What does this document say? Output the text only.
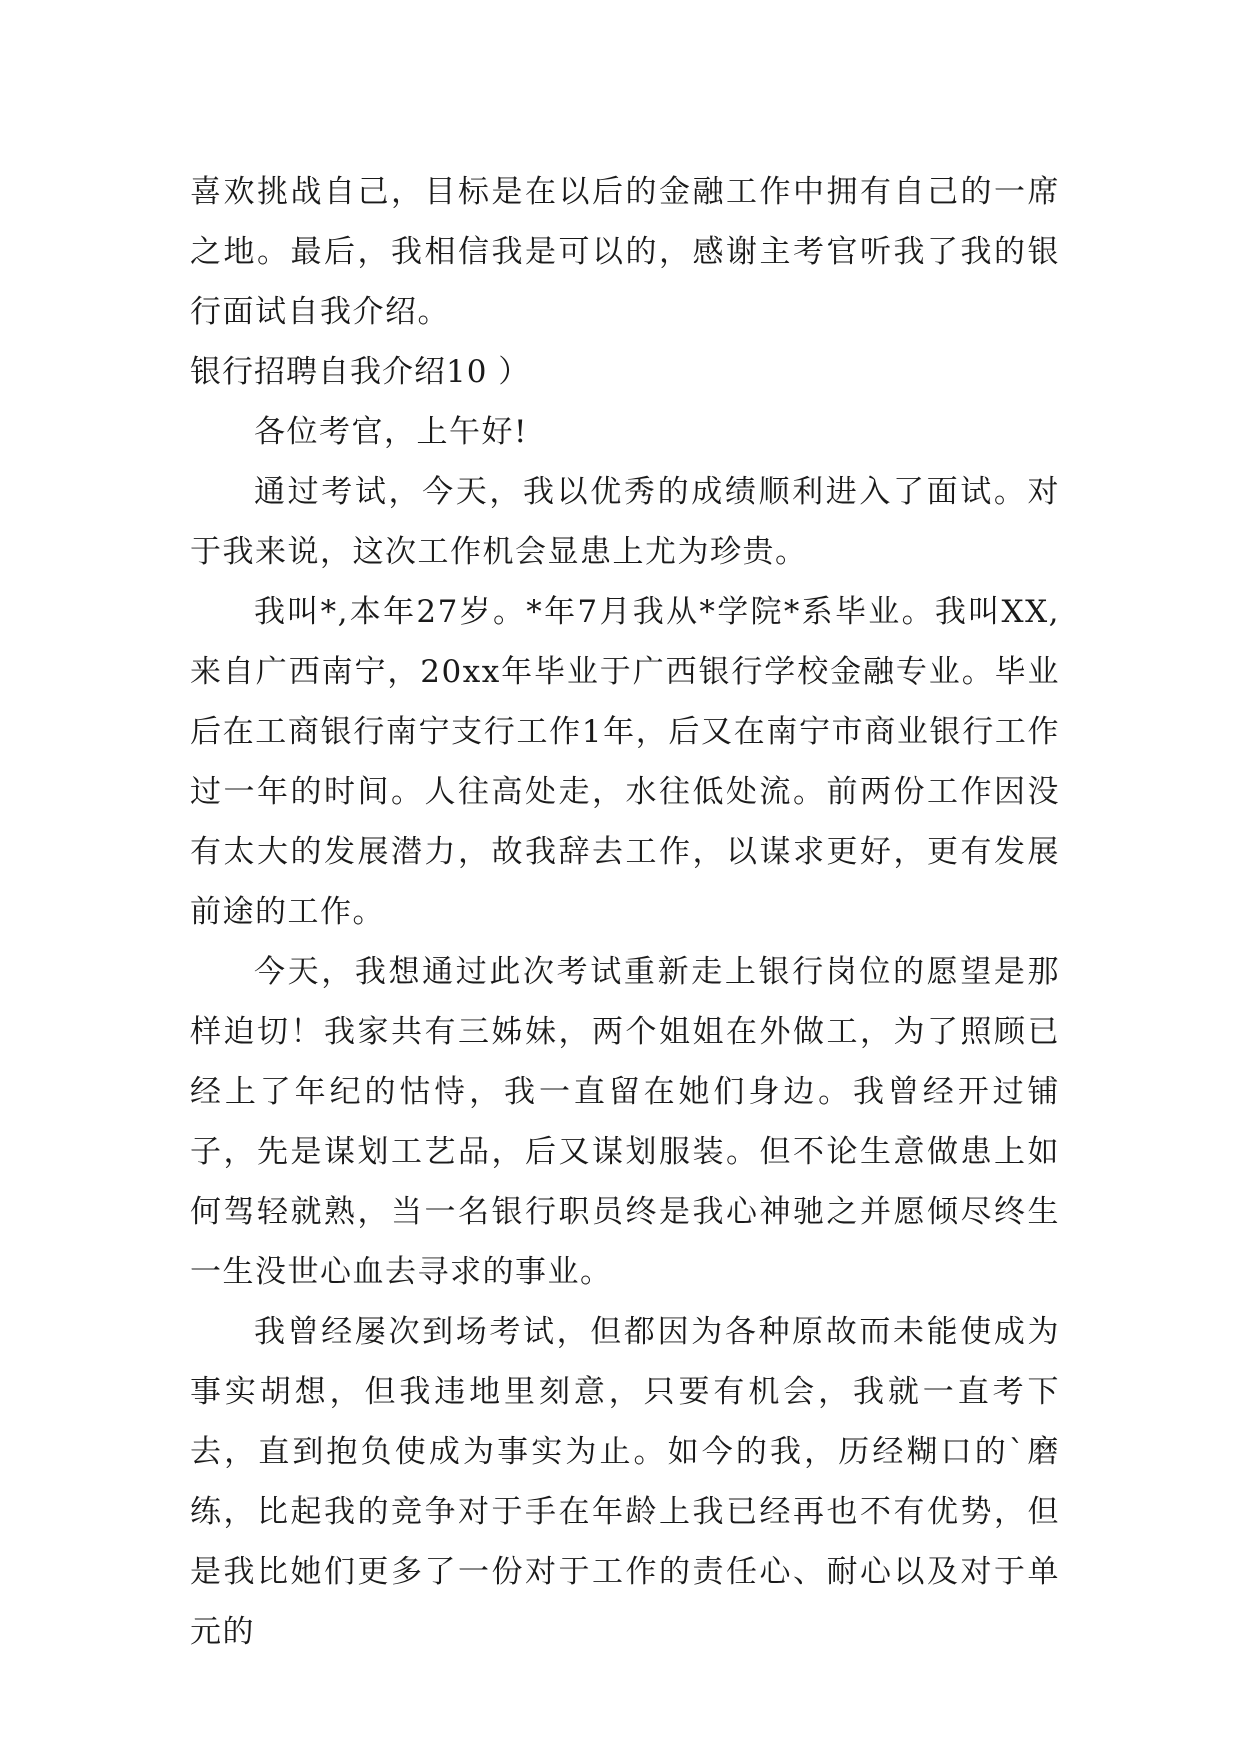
喜欢挑战自己，目标是在以后的金融工作中拥有自己的一席之地。最后，我相信我是可以的，感谢主考官听我了我的银行面试自我介绍。

银行招聘自我介绍10 ）

各位考官，上午好!

通过考试，今天，我以优秀的成绩顺利进入了面试。对于我来说，这次工作机会显患上尤为珍贵。

我叫*,本年27岁。*年7月我从*学院*系毕业。我叫XX,来自广西南宁，20xx年毕业于广西银行学校金融专业。毕业后在工商银行南宁支行工作1年，后又在南宁市商业银行工作过一年的时间。人往高处走，水往低处流。前两份工作因没有太大的发展潜力，故我辞去工作，以谋求更好，更有发展前途的工作。

今天，我想通过此次考试重新走上银行岗位的愿望是那样迫切！我家共有三姊妹，两个姐姐在外做工，为了照顾已经上了年纪的怙恃，我一直留在她们身边。我曾经开过铺子，先是谋划工艺品，后又谋划服装。但不论生意做患上如何驾轻就熟，当一名银行职员终是我心神驰之并愿倾尽终生一生没世心血去寻求的事业。

我曾经屡次到场考试，但都因为各种原故而未能使成为事实胡想，但我违地里刻意，只要有机会，我就一直考下去，直到抱负使成为事实为止。如今的我，历经糊口的`磨练，比起我的竞争对于手在年龄上我已经再也不有优势，但是我比她们更多了一份对于工作的责任心、耐心以及对于单元的
